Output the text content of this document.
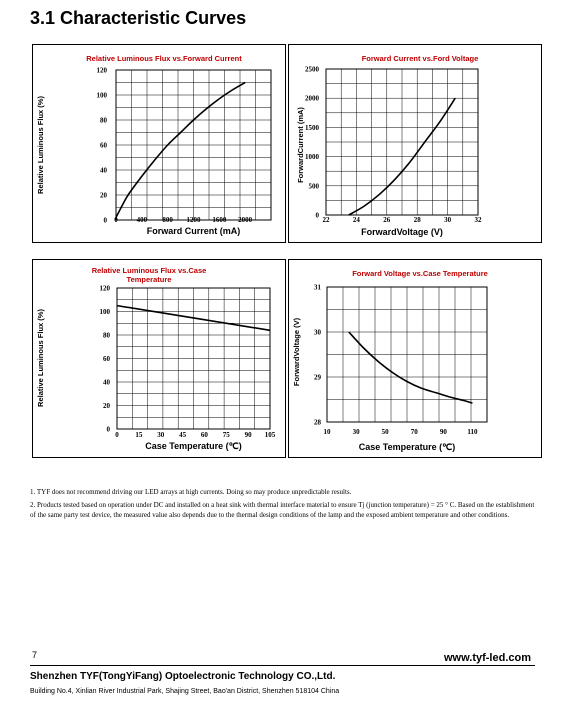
3.1 Characteristic Curves
Relative Luminous Flux vs.Forward Current
0	400 800 1200 1600 2000
0
20
40
60
80
100
120
Forward Current (mA)
Relative Luminous Flux (%)
Forward Current vs.Ford Voltage
22	24	26	28	30	32
0
500
1000
1500
2000
2500
ForwardVoltage (V)
ForwardCurrent (mA)
Relative Luminous Flux vs.Case
Temperature
0 15 30 45 60 75 90 105
0
20
40
60
80
100
120
Case Temperature (℃)
Relative Luminous Flux (%)
Forward Voltage vs.Case Temperature
10	30	50	70	90	110
28
29
30
31
Case Temperature (℃)
ForwardVoltage (V)

1. TYF does not recommend driving our LED arrays at high currents. Doing so may produce unpredictable results.

2. Products tested based on operation under DC and installed on a heat sink with thermal interface material to ensure Tj (junction temperature) = 25 ° C. Based on the establishment of the same party test device, the measured value also depends due to the thermal design conditions of the lamp and the exposed ambient temperature and other conditions.

7	www.tyf-led.com
Shenzhen TYF(TongYiFang) Optoelectronic Technology CO.,Ltd.
Building No.4, Xinlian River Industrial Park, Shajing Street, Bao'an District, Shenzhen 518104 China
